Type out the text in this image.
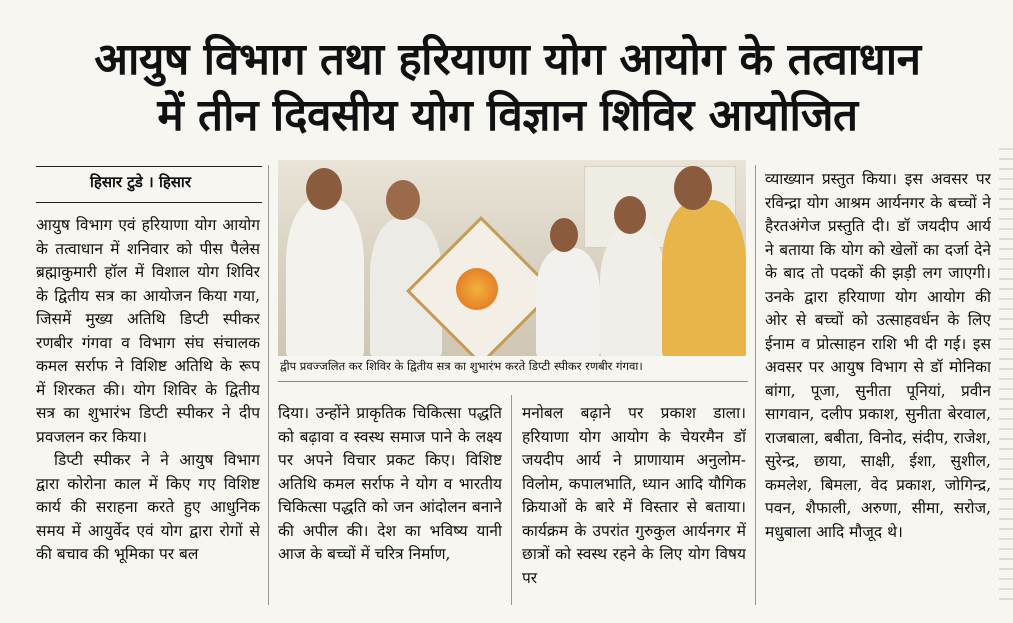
आयुष विभाग तथा हरियाणा योग आयोग के तत्वाधान
में तीन दिवसीय योग विज्ञान शिविर आयोजित
हिसार टुडे । हिसार

आयुष विभाग एवं हरियाणा योग आयोग के तत्वाधान में शनिवार को पीस पैलेस ब्रह्माकुमारी हॉल में विशाल योग शिविर के द्वितीय सत्र का आयोजन किया गया, जिसमें मुख्य अतिथि डिप्टी स्पीकर रणबीर गंगवा व विभाग संघ संचालक कमल सर्राफ ने विशिष्ट अतिथि के रूप में शिरकत की। योग शिविर के द्वितीय सत्र का शुभारंभ डिप्टी स्पीकर ने दीप प्रवजलन कर किया।

डिप्टी स्पीकर ने ने आयुष विभाग द्वारा कोरोना काल में किए गए विशिष्ट कार्य की सराहना करते हुए आधुनिक समय में आयुर्वेद एवं योग द्वारा रोगों से की बचाव की भूमिका पर बल

द्वीप प्रवज्जलित कर शिविर के द्वितीय सत्र का शुभारंभ करते डिप्टी स्पीकर रणबीर गंगवा।

दिया। उन्होंने प्राकृतिक चिकित्सा पद्धति को बढ़ावा व स्वस्थ समाज पाने के लक्ष्य पर अपने विचार प्रकट किए। विशिष्ट अतिथि कमल सर्राफ ने योग व भारतीय चिकित्सा पद्धति को जन आंदोलन बनाने की अपील की। देश का भविष्य यानी आज के बच्चों में चरित्र निर्माण,

मनोबल बढ़ाने पर प्रकाश डाला। हरियाणा योग आयोग के चेयरमैन डॉ जयदीप आर्य ने प्राणायाम अनुलोम-विलोम, कपालभाति, ध्यान आदि यौगिक क्रियाओं के बारे में विस्तार से बताया। कार्यक्रम के उपरांत गुरुकुल आर्यनगर में छात्रों को स्वस्थ रहने के लिए योग विषय पर

व्याख्यान प्रस्तुत किया। इस अवसर पर रविन्द्रा योग आश्रम आर्यनगर के बच्चों ने हैरतअंगेज प्रस्तुति दी। डॉ जयदीप आर्य ने बताया कि योग को खेलों का दर्जा देने के बाद तो पदकों की झड़ी लग जाएगी। उनके द्वारा हरियाणा योग आयोग की ओर से बच्चों को उत्साहवर्धन के लिए ईनाम व प्रोत्साहन राशि भी दी गई। इस अवसर पर आयुष विभाग से डॉ मोनिका बांगा, पूजा, सुनीता पूनियां, प्रवीन सागवान, दलीप प्रकाश, सुनीता बेरवाल, राजबाला, बबीता, विनोद, संदीप, राजेश, सुरेन्द्र, छाया, साक्षी, ईशा, सुशील, कमलेश, बिमला, वेद प्रकाश, जोगिन्द्र, पवन, शैफाली, अरुणा, सीमा, सरोज, मधुबाला आदि मौजूद थे।
